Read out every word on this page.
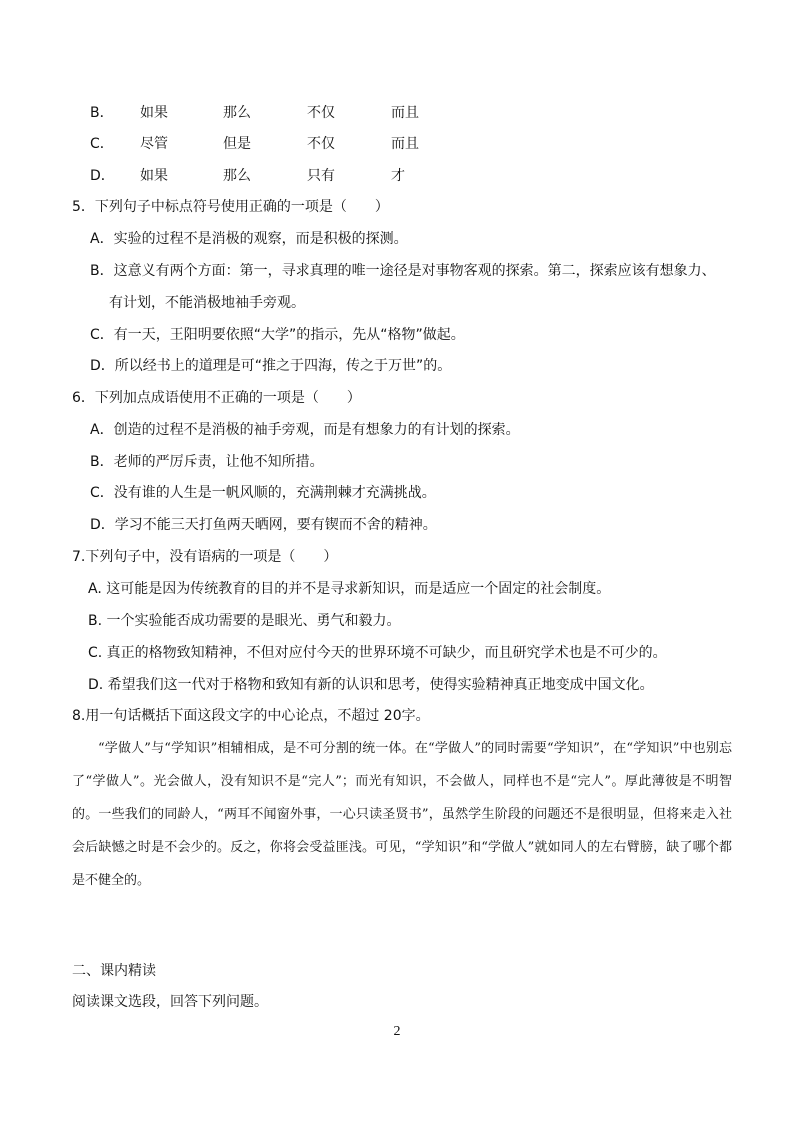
B． 如果	那么	不仅	而且
C． 尽管	但是	不仅	而且
D． 如果	那么	只有	才
5．下列句子中标点符号使用正确的一项是（　　）
A．实验的过程不是消极的观察，而是积极的探测。
B．这意义有两个方面：第一，寻求真理的唯一途径是对事物客观的探索。第二，探索应该有想象力、
有计划，不能消极地袖手旁观。
C．有一天，王阳明要依照“大学”的指示，先从“格物”做起。
D．所以经书上的道理是可“推之于四海，传之于万世”的。
6．下列加点成语使用不正确的一项是（　　）
A．创造的过程不是消极的袖手旁观，而是有想象力的有计划的探索。
B．老师的严厉斥责，让他不知所措。
C．没有谁的人生是一帆风顺的，充满荆棘才充满挑战。
D．学习不能三天打鱼两天晒网，要有锲而不舍的精神。
7.下列句子中，没有语病的一项是（　　）
A. 这可能是因为传统教育的目的并不是寻求新知识，而是适应一个固定的社会制度。
B. 一个实验能否成功需要的是眼光、勇气和毅力。
C. 真正的格物致知精神，不但对应付今天的世界环境不可缺少，而且研究学术也是不可少的。
D. 希望我们这一代对于格物和致知有新的认识和思考，使得实验精神真正地变成中国文化。
8.用一句话概括下面这段文字的中心论点，不超过 20字。
“学做人”与“学知识”相辅相成，是不可分割的统一体。在“学做人”的同时需要“学知识”，在“学知识”中也别忘了“学做人”。光会做人，没有知识不是“完人”；而光有知识，不会做人，同样也不是“完人”。厚此薄彼是不明智的。一些我们的同龄人，“两耳不闻窗外事，一心只读圣贤书”，虽然学生阶段的问题还不是很明显，但将来走入社会后缺憾之时是不会少的。反之，你将会受益匪浅。可见，“学知识”和“学做人”就如同人的左右臂膀，缺了哪个都是不健全的。
二、课内精读
阅读课文选段，回答下列问题。
2
